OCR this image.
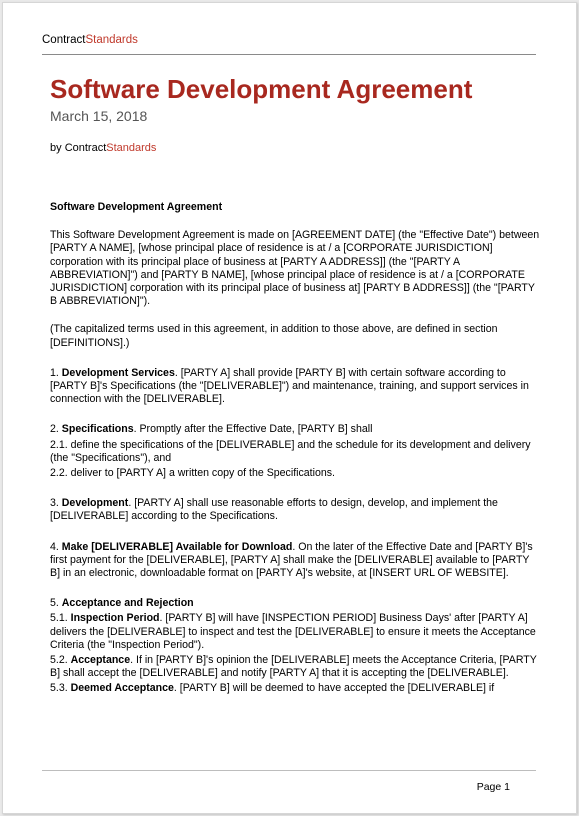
ContractStandards
Software Development Agreement
March 15, 2018
by ContractStandards

Software Development Agreement

This Software Development Agreement is made on [AGREEMENT DATE] (the "Effective Date") between [PARTY A NAME], [whose principal place of residence is at / a [CORPORATE JURISDICTION] corporation with its principal place of business at [PARTY A ADDRESS]] (the "[PARTY A ABBREVIATION]") and [PARTY B NAME], [whose principal place of residence is at / a [CORPORATE JURISDICTION] corporation with its principal place of business at] [PARTY B ADDRESS]] (the "[PARTY B ABBREVIATION]").

(The capitalized terms used in this agreement, in addition to those above, are defined in section [DEFINITIONS].)

1. Development Services. [PARTY A] shall provide [PARTY B] with certain software according to [PARTY B]'s Specifications (the "[DELIVERABLE]") and maintenance, training, and support services in connection with the [DELIVERABLE].

2. Specifications. Promptly after the Effective Date, [PARTY B] shall

2.1. define the specifications of the [DELIVERABLE] and the schedule for its development and delivery (the "Specifications"), and

2.2. deliver to [PARTY A] a written copy of the Specifications.

3. Development. [PARTY A] shall use reasonable efforts to design, develop, and implement the [DELIVERABLE] according to the Specifications.

4. Make [DELIVERABLE] Available for Download. On the later of the Effective Date and [PARTY B]'s first payment for the [DELIVERABLE], [PARTY A] shall make the [DELIVERABLE] available to [PARTY B] in an electronic, downloadable format on [PARTY A]'s website, at [INSERT URL OF WEBSITE].

5. Acceptance and Rejection

5.1. Inspection Period. [PARTY B] will have [INSPECTION PERIOD] Business Days' after [PARTY A] delivers the [DELIVERABLE] to inspect and test the [DELIVERABLE] to ensure it meets the Acceptance Criteria (the "Inspection Period").

5.2. Acceptance. If in [PARTY B]'s opinion the [DELIVERABLE] meets the Acceptance Criteria, [PARTY B] shall accept the [DELIVERABLE] and notify [PARTY A] that it is accepting the [DELIVERABLE].

5.3. Deemed Acceptance. [PARTY B] will be deemed to have accepted the [DELIVERABLE] if

Page 1
